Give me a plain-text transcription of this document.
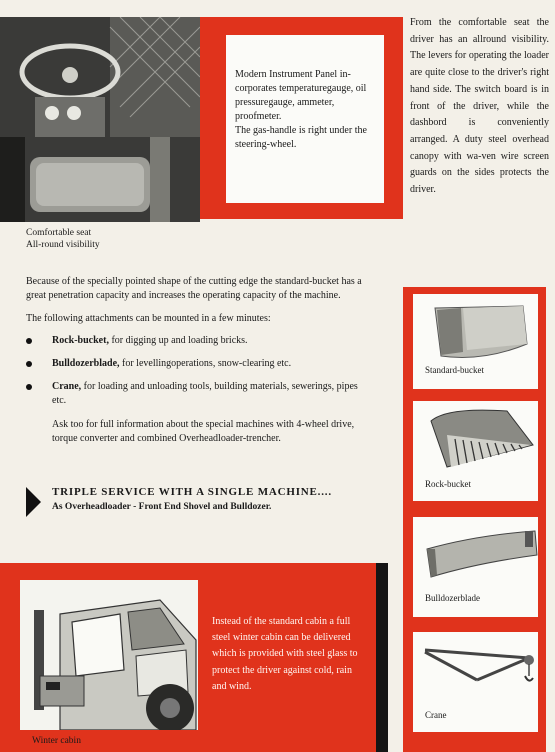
Modern Instrument Panel in-corporates temperaturegauge, oil pressuregauge, ammeter, proofmeter.
The gas-handle is right under the steering-wheel.
From the comfortable seat the driver has an allround visibility. The levers for operating the loader are quite close to the driver's right hand side. The switch board is in front of the driver, while the dashbord is conveniently arranged. A duty steel overhead canopy with wa-ven wire screen guards on the sides protects the driver.
Comfortable seat
All-round visibility
Because of the specially pointed shape of the cutting edge the standard-bucket has a great penetration capacity and increases the operating capacity of the machine.
The following attachments can be mounted in a few minutes:
Rock-bucket, for digging up and loading bricks.
Bulldozerblade, for levellingoperations, snow-clearing etc.
Crane, for loading and unloading tools, building materials, sewerings, pipes etc.
Ask too for full information about the special machines with 4-wheel drive, torque converter and combined Overheadloader-trencher.
TRIPLE SERVICE WITH A SINGLE MACHINE....
As Overheadloader - Front End Shovel and Bulldozer.
Standard-bucket
Rock-bucket
Bulldozerblade
Crane
Instead of the standard cabin a full steel winter cabin can be delivered which is provided with steel glass to protect the driver against cold, rain and wind.
Winter cabin
